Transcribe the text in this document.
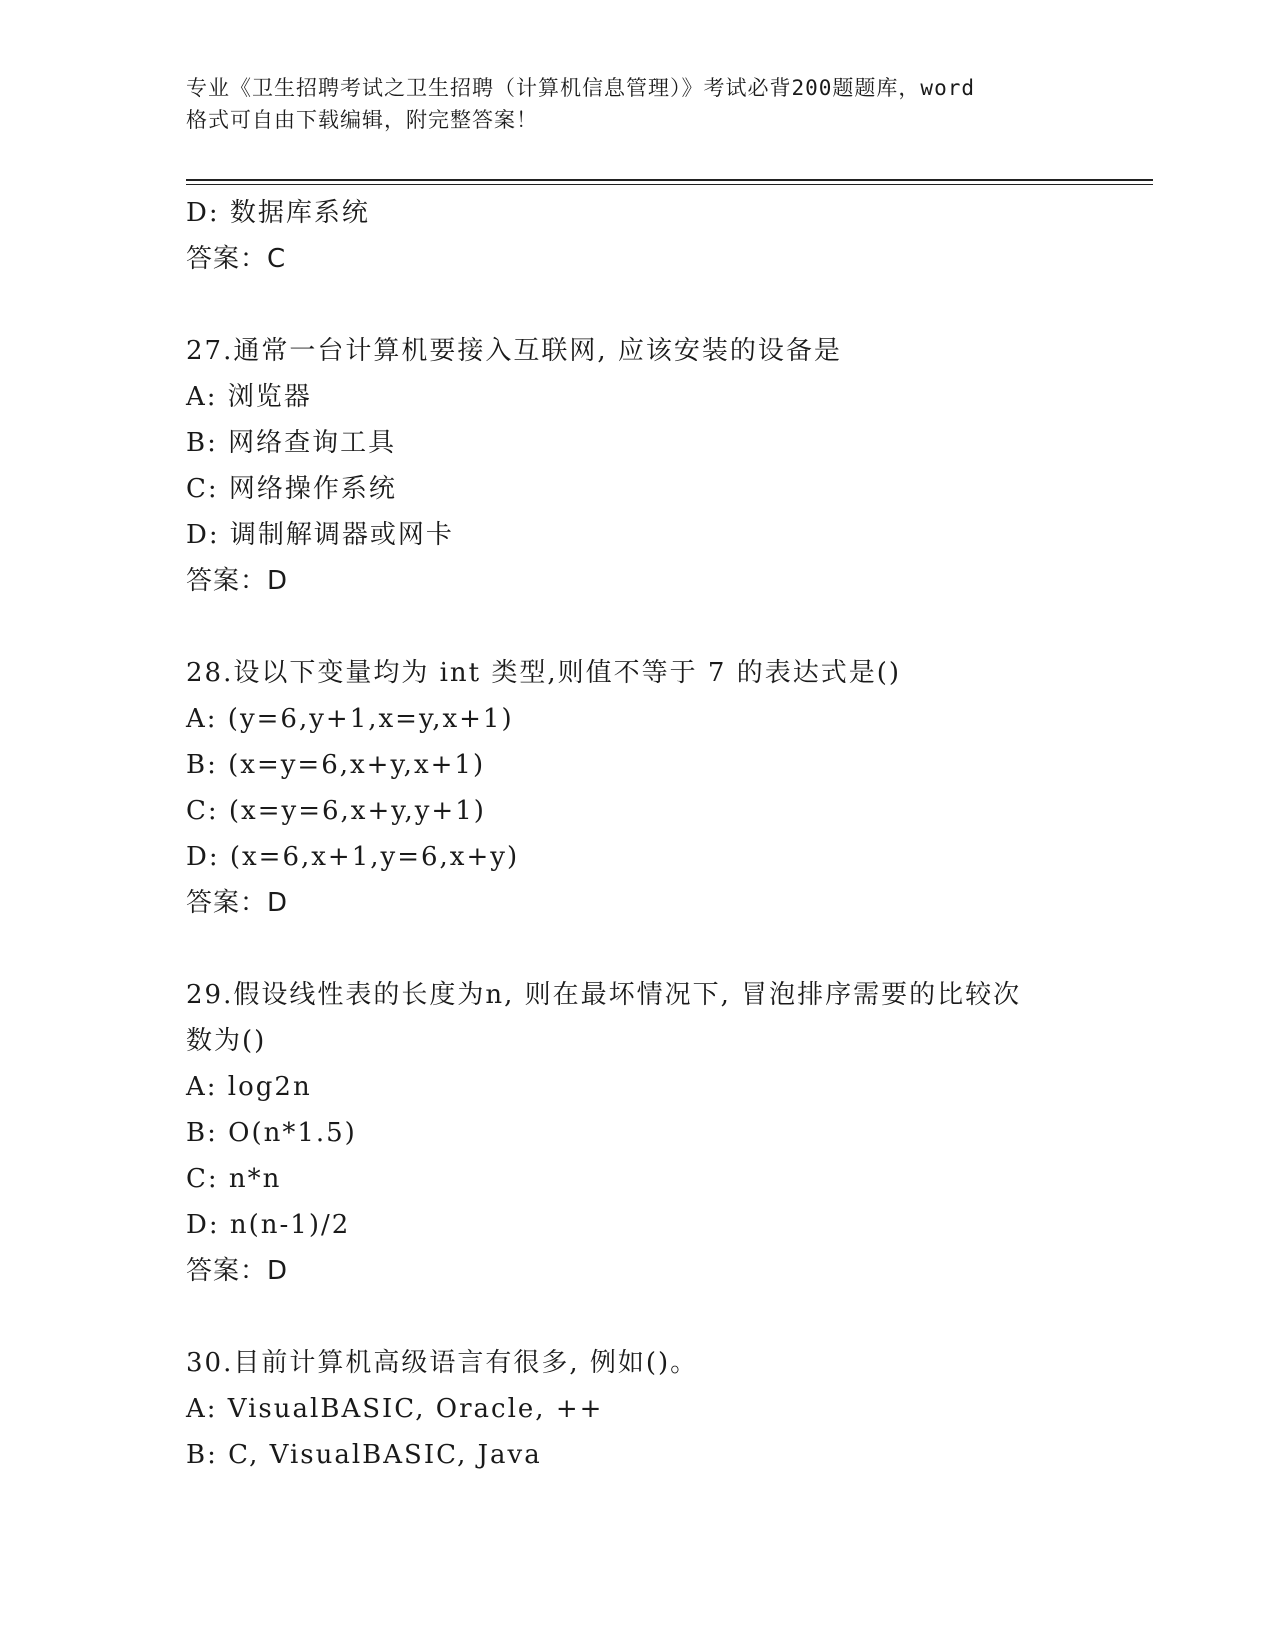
专业《卫生招聘考试之卫生招聘（计算机信息管理）》考试必背200题题库，word
格式可自由下载编辑，附完整答案！
D: 数据库系统
答案：C
27.通常一台计算机要接入互联网, 应该安装的设备是
A: 浏览器
B: 网络查询工具
C: 网络操作系统
D: 调制解调器或网卡
答案：D
28.设以下变量均为 int 类型,则值不等于 7 的表达式是()
A: (y=6,y+1,x=y,x+1)
B: (x=y=6,x+y,x+1)
C: (x=y=6,x+y,y+1)
D: (x=6,x+1,y=6,x+y)
答案：D
29.假设线性表的长度为n, 则在最坏情况下, 冒泡排序需要的比较次
数为()
A: log2n
B: O(n*1.5)
C: n*n
D: n(n-1)/2
答案：D
30.目前计算机高级语言有很多, 例如()。
A: VisualBASIC, Oracle, ++
B: C, VisualBASIC, Java
